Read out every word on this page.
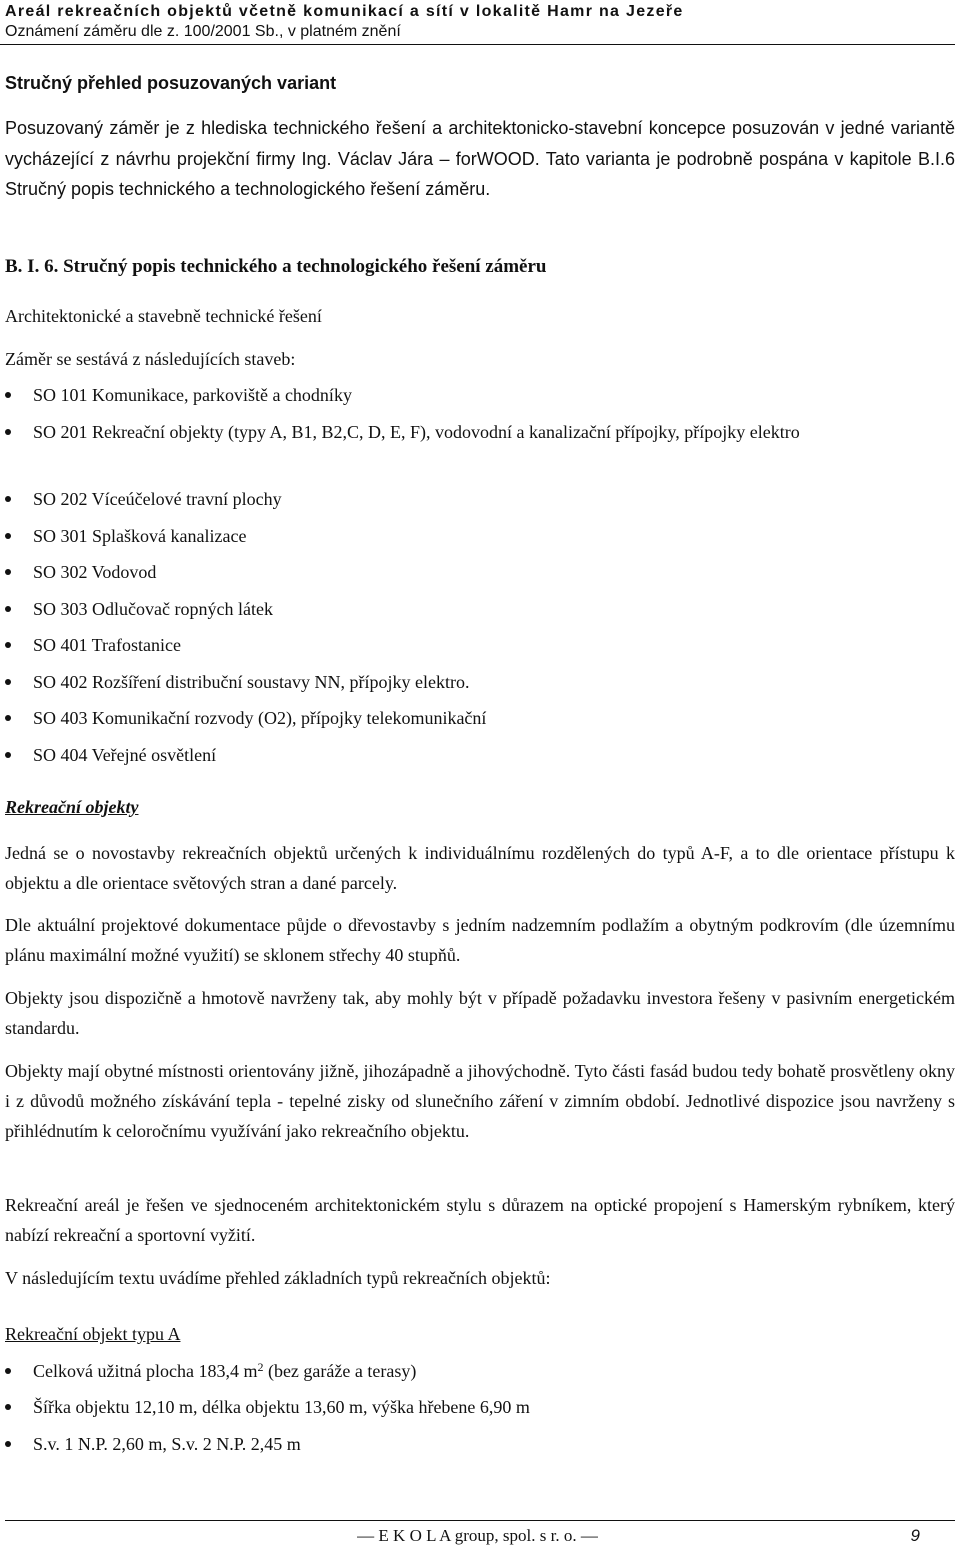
Areál rekreačních objektů včetně komunikací a sítí v lokalitě Hamr na Jezeře
Oznámení záměru dle z. 100/2001 Sb., v platném znění
Stručný přehled posuzovaných variant
Posuzovaný záměr je z hlediska technického řešení a architektonicko-stavební koncepce posuzován v jedné variantě vycházející z návrhu projekční firmy Ing. Václav Jára – forWOOD. Tato varianta je podrobně pospána v kapitole B.I.6 Stručný popis technického a technologického řešení záměru.
B. I. 6. Stručný popis technického a technologického řešení záměru
Architektonické a stavebně technické řešení
Záměr se sestává z následujících staveb:
SO 101 Komunikace, parkoviště a chodníky
SO 201 Rekreační objekty (typy A, B1, B2,C, D, E, F), vodovodní a kanalizační přípojky, přípojky elektro
SO 202 Víceúčelové travní plochy
SO 301 Splašková kanalizace
SO 302 Vodovod
SO 303 Odlučovač ropných látek
SO 401 Trafostanice
SO 402 Rozšíření distribuční soustavy NN, přípojky elektro.
SO 403 Komunikační rozvody (O2), přípojky telekomunikační
SO 404 Veřejné osvětlení
Rekreační objekty
Jedná se o novostavby rekreačních objektů určených k individuálnímu rozdělených do typů A-F, a to dle orientace přístupu k objektu a dle orientace světových stran a dané parcely.
Dle aktuální projektové dokumentace půjde o dřevostavby s jedním nadzemním podlažím a obytným podkrovím (dle územnímu plánu maximální možné využití) se sklonem střechy 40 stupňů.
Objekty jsou dispozičně a hmotově navrženy tak, aby mohly být v případě požadavku investora řešeny v pasivním energetickém standardu.
Objekty mají obytné místnosti orientovány jižně, jihozápadně a jihovýchodně. Tyto části fasád budou tedy bohatě prosvětleny okny i z důvodů možného získávání tepla - tepelné zisky od slunečního záření v zimním období. Jednotlivé dispozice jsou navrženy s přihlédnutím k celoročnímu využívání jako rekreačního objektu.
Rekreační areál je řešen ve sjednoceném architektonickém stylu s důrazem na optické propojení s Hamerským rybníkem, který nabízí rekreační a sportovní vyžití.
V následujícím textu uvádíme přehled základních typů rekreačních objektů:
Rekreační objekt typu A
Celková užitná plocha 183,4 $m^2$ (bez garáže a terasy)
Šířka objektu 12,10 m, délka objektu 13,60 m, výška hřebene 6,90 m
S.v. 1 N.P. 2,60 m, S.v. 2 N.P. 2,45 m
— E K O L A group, spol. s r. o. —	9
